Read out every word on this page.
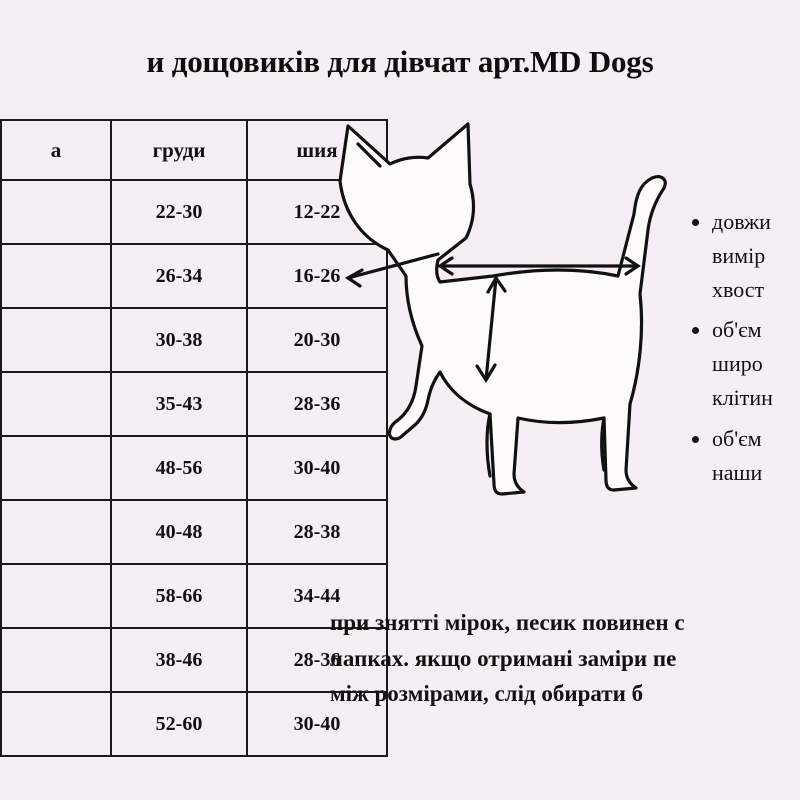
и дощовиків для дівчат арт.MD Dogs
	а	груди	шия
		22-30	12-22
		26-34	16-26
		30-38	20-30
		35-43	28-36
		48-56	30-40
		40-48	28-38
		58-66	34-44
		38-46	28-36
		52-60	30-40
• довжи
вимір
хвост
• об'єм
широ
клітин
• об'єм
наши
при знятті мірок, песик повинен с
лапках. якщо отримані заміри пе
між розмірами, слід обирати б
